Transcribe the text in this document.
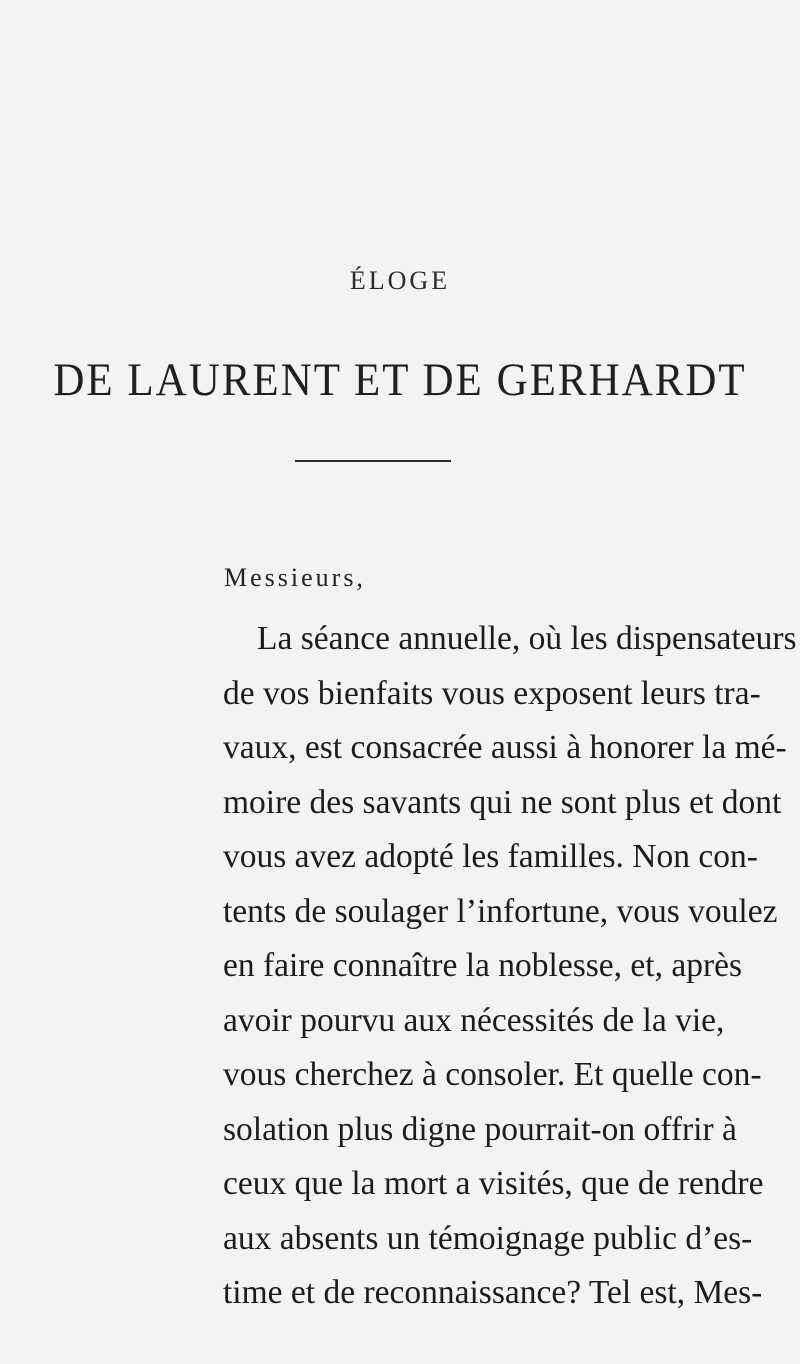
ÉLOGE
DE LAURENT ET DE GERHARDT
Messieurs,
La séance annuelle, où les dispensateurs
de vos bienfaits vous exposent leurs tra-
vaux, est consacrée aussi à honorer la mé-
moire des savants qui ne sont plus et dont
vous avez adopté les familles. Non con-
tents de soulager l’infortune, vous voulez
en faire connaître la noblesse, et, après
avoir pourvu aux nécessités de la vie,
vous cherchez à consoler. Et quelle con-
solation plus digne pourrait-on offrir à
ceux que la mort a visités, que de rendre
aux absents un témoignage public d’es-
time et de reconnaissance? Tel est, Mes-
